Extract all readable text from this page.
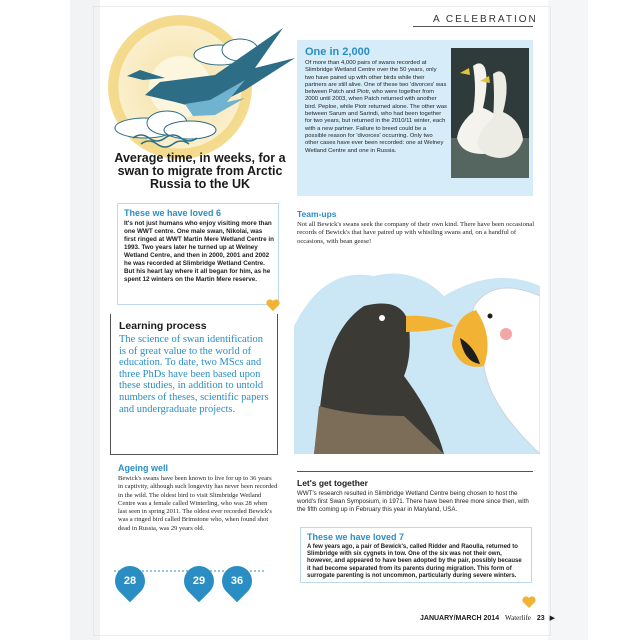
A CELEBRATION
Average time, in weeks, for a swan to migrate from Arctic Russia to the UK
These we have loved 6
It's not just humans who enjoy visiting more than one WWT centre. One male swan, Nikolai, was first ringed at WWT Martin Mere Wetland Centre in 1993. Two years later he turned up at Welney Wetland Centre, and then in 2000, 2001 and 2002 he was recorded at Slimbridge Wetland Centre. But his heart lay where it all began for him, as he spent 12 winters on the Martin Mere reserve.
Learning process
The science of swan identification is of great value to the world of education. To date, two MScs and three PhDs have been based upon these studies, in addition to untold numbers of theses, scientific papers and undergraduate projects.
Ageing well
Bewick's swans have been known to live for up to 36 years in captivity, although such longevity has never been recorded in the wild. The oldest bird to visit Slimbridge Wetland Centre was a female called Winterling, who was 28 when last seen in spring 2011. The oldest ever recorded Bewick's was a ringed bird called Brimstone who, when found shot dead in Russia, was 29 years old.
28	29	36
One in 2,000
Of more than 4,000 pairs of swans recorded at Slimbridge Wetland Centre over the 50 years, only two have paired up with other birds while their partners are still alive. One of these two 'divorces' was between Patch and Piotr, who were together from 2000 until 2003, when Patch returned with another bird. Peploe, while Piotr returned alone. The other was between Sarum and Sarindi, who had been together for two years, but returned in the 2010/11 winter, each with a new partner. Failure to breed could be a possible reason for 'divorces' occurring. Only two other cases have ever been recorded: one at Welney Wetland Centre and one in Russia.
Team-ups
Not all Bewick's swans seek the company of their own kind. There have been occasional records of Bewick's that have paired up with whistling swans and, on a handful of occasions, with bean geese!
Let's get together
WWT's research resulted in Slimbridge Wetland Centre being chosen to host the world's first Swan Symposium, in 1971. There have been three more since then, with the fifth coming up in February this year in Maryland, USA.
These we have loved 7
A few years ago, a pair of Bewick's, called Ridder and Raoulla, returned to Slimbridge with six cygnets in tow. One of the six was not their own, however, and appeared to have been adopted by the pair, possibly because it had become separated from its parents during migration. This form of surrogate parenting is not uncommon, particularly during severe winters.
JANUARY/MARCH 2014 Waterlife 23 ▶
